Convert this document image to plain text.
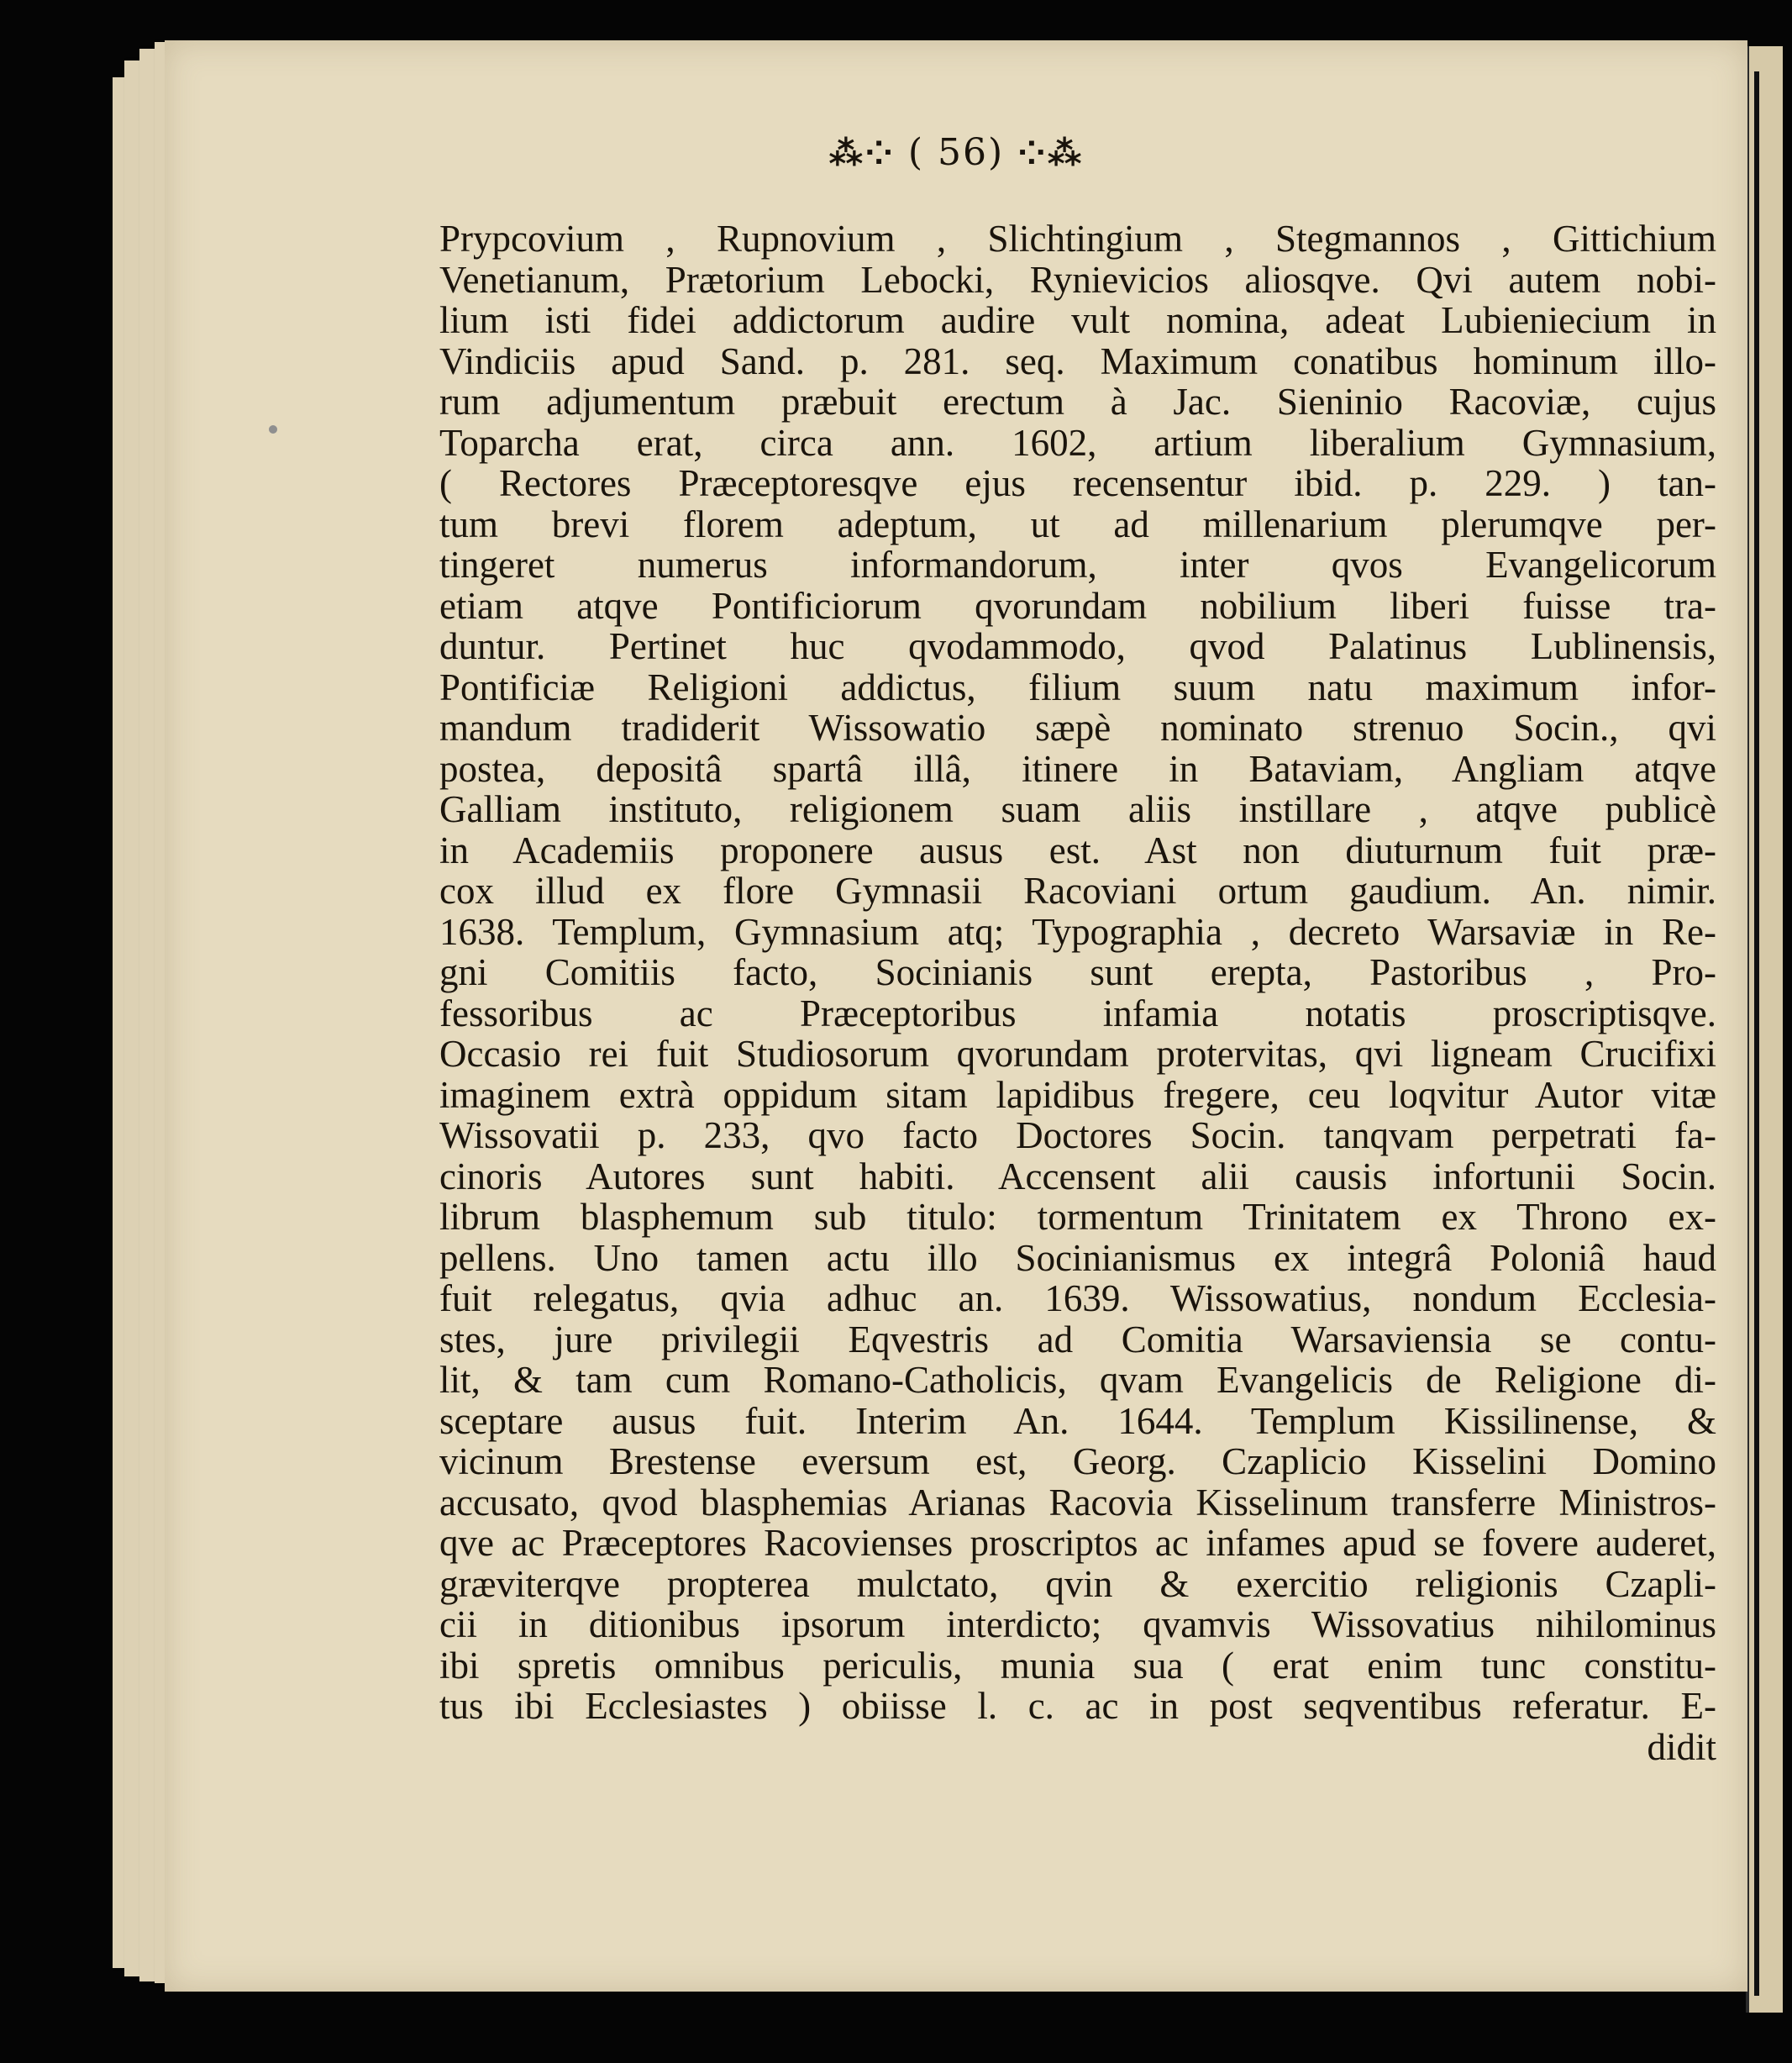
⁂⁘ ( 56) ⁘⁂
Prypcovium , Rupnovium , Slichtingium , Stegmannos , Gittichium
Venetianum, Prætorium Lebocki, Rynievicios aliosqve. Qvi autem nobi-
lium isti fidei addictorum audire vult nomina, adeat Lubieniecium in
Vindiciis apud Sand. p. 281. seq. Maximum conatibus hominum illo-
rum adjumentum præbuit erectum à Jac. Sieninio Racoviæ, cujus
Toparcha erat, circa ann. 1602, artium liberalium Gymnasium,
( Rectores Præceptoresqve ejus recensentur ibid. p. 229. ) tan-
tum brevi florem adeptum, ut ad millenarium plerumqve per-
tingeret numerus informandorum, inter qvos Evangelicorum
etiam atqve Pontificiorum qvorundam nobilium liberi fuisse tra-
duntur. Pertinet huc qvodammodo, qvod Palatinus Lublinensis,
Pontificiæ Religioni addictus, filium suum natu maximum infor-
mandum tradiderit Wissowatio sæpè nominato strenuo Socin., qvi
postea, depositâ spartâ illâ, itinere in Bataviam, Angliam atqve
Galliam instituto, religionem suam aliis instillare , atqve publicè
in Academiis proponere ausus est. Ast non diuturnum fuit præ-
cox illud ex flore Gymnasii Racoviani ortum gaudium. An. nimir.
1638. Templum, Gymnasium atq; Typographia , decreto Warsaviæ in Re-
gni Comitiis facto, Socinianis sunt erepta, Pastoribus , Pro-
fessoribus ac Præceptoribus infamia notatis proscriptisqve.
Occasio rei fuit Studiosorum qvorundam protervitas, qvi ligneam Crucifixi
imaginem extrà oppidum sitam lapidibus fregere, ceu loqvitur Autor vitæ
Wissovatii p. 233, qvo facto Doctores Socin. tanqvam perpetrati fa-
cinoris Autores sunt habiti. Accensent alii causis infortunii Socin.
librum blasphemum sub titulo: tormentum Trinitatem ex Throno ex-
pellens. Uno tamen actu illo Socinianismus ex integrâ Poloniâ haud
fuit relegatus, qvia adhuc an. 1639. Wissowatius, nondum Ecclesia-
stes, jure privilegii Eqvestris ad Comitia Warsaviensia se contu-
lit, & tam cum Romano-Catholicis, qvam Evangelicis de Religione di-
sceptare ausus fuit. Interim An. 1644. Templum Kissilinense, &
vicinum Brestense eversum est, Georg. Czaplicio Kisselini Domino
accusato, qvod blasphemias Arianas Racovia Kisselinum transferre Ministros-
qve ac Præceptores Racovienses proscriptos ac infames apud se fovere auderet,
græviterqve propterea mulctato, qvin & exercitio religionis Czapli-
cii in ditionibus ipsorum interdicto; qvamvis Wissovatius nihilominus
ibi spretis omnibus periculis, munia sua ( erat enim tunc constitu-
tus ibi Ecclesiastes ) obiisse l. c. ac in post seqventibus referatur. E-
didit
